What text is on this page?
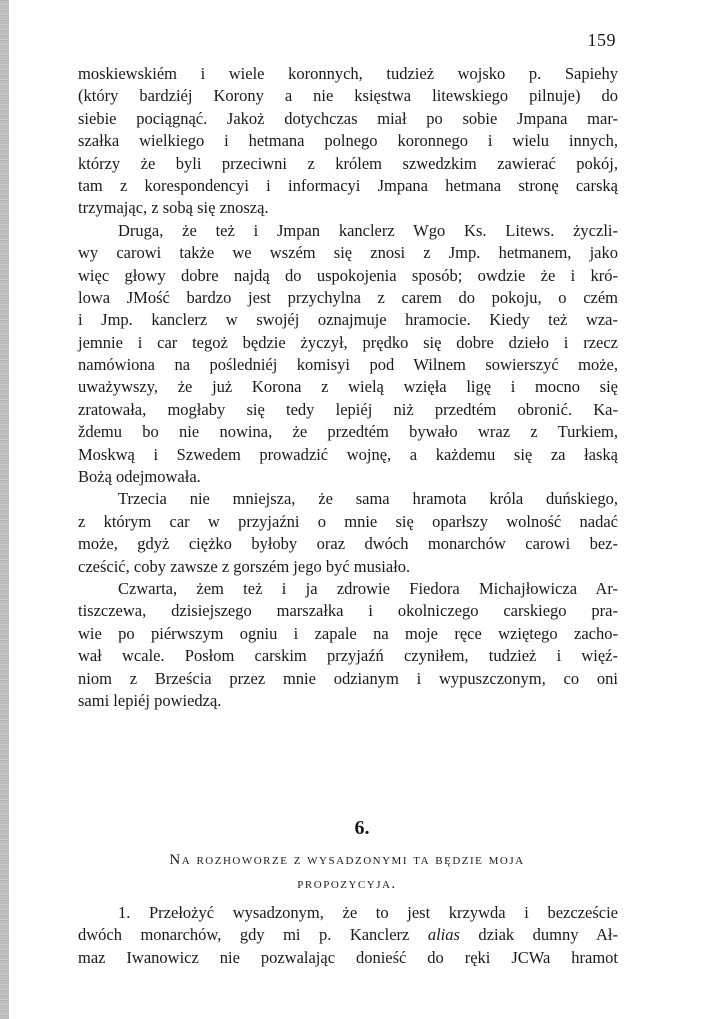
159
moskiewskiém i wiele koronnych, tudzież wojsko p. Sapiehy
(który bardziéj Korony a nie księstwa litewskiego pilnuje) do
siebie pociągnąć. Jakoż dotychczas miał po sobie Jmpana mar-
szałka wielkiego i hetmana polnego koronnego i wielu innych,
którzy że byli przeciwni z królem szwedzkim zawierać pokój,
tam z korespondencyi i informacyi Jmpana hetmana stronę carską
trzymając, z sobą się znoszą.
Druga, że też i Jmpan kanclerz Wgo Ks. Litews. życzli-
wy carowi także we wszém się znosi z Jmp. hetmanem, jako
więc głowy dobre najdą do uspokojenia sposób; owdzie że i kró-
lowa JMość bardzo jest przychylna z carem do pokoju, o czém
i Jmp. kanclerz w swojéj oznajmuje hramocie. Kiedy też wza-
jemnie i car tegoż będzie życzył, prędko się dobre dzieło i rzecz
namówiona na pośledniéj komisyi pod Wilnem sowierszyć może,
uważywszy, że już Korona z wielą wzięła ligę i mocno się
zratowała, mogłaby się tedy lepiéj niż przedtém obronić. Ka-
ždemu bo nie nowina, że przedtém bywało wraz z Turkiem,
Moskwą i Szwedem prowadzić wojnę, a każdemu się za łaską
Bożą odejmowała.
Trzecia nie mniejsza, że sama hramota króla duńskiego,
z którym car w przyjaźni o mnie się oparłszy wolność nadać
może, gdyż ciężko byłoby oraz dwóch monarchów carowi bez-
cześcić, coby zawsze z gorszém jego być musiało.
Czwarta, żem też i ja zdrowie Fiedora Michajłowicza Ar-
tiszczewa, dzisiejszego marszałka i okolniczego carskiego pra-
wie po piérwszym ogniu i zapale na moje ręce wziętego zacho-
wał wcale. Posłom carskim przyjaźń czyniłem, tudzież i więź-
niom z Brześcia przez mnie odzianym i wypuszczonym, co oni
sami lepiéj powiedzą.
6.
Na rozhoworze z wysadzonymi ta będzie moja
propozycyja.
1. Przełożyć wysadzonym, że to jest krzywda i bezczeście
dwóch monarchów, gdy mi p. Kanclerz alias dziak dumny Ał-
maz Iwanowicz nie pozwalając donieść do ręki JCWa hramot
